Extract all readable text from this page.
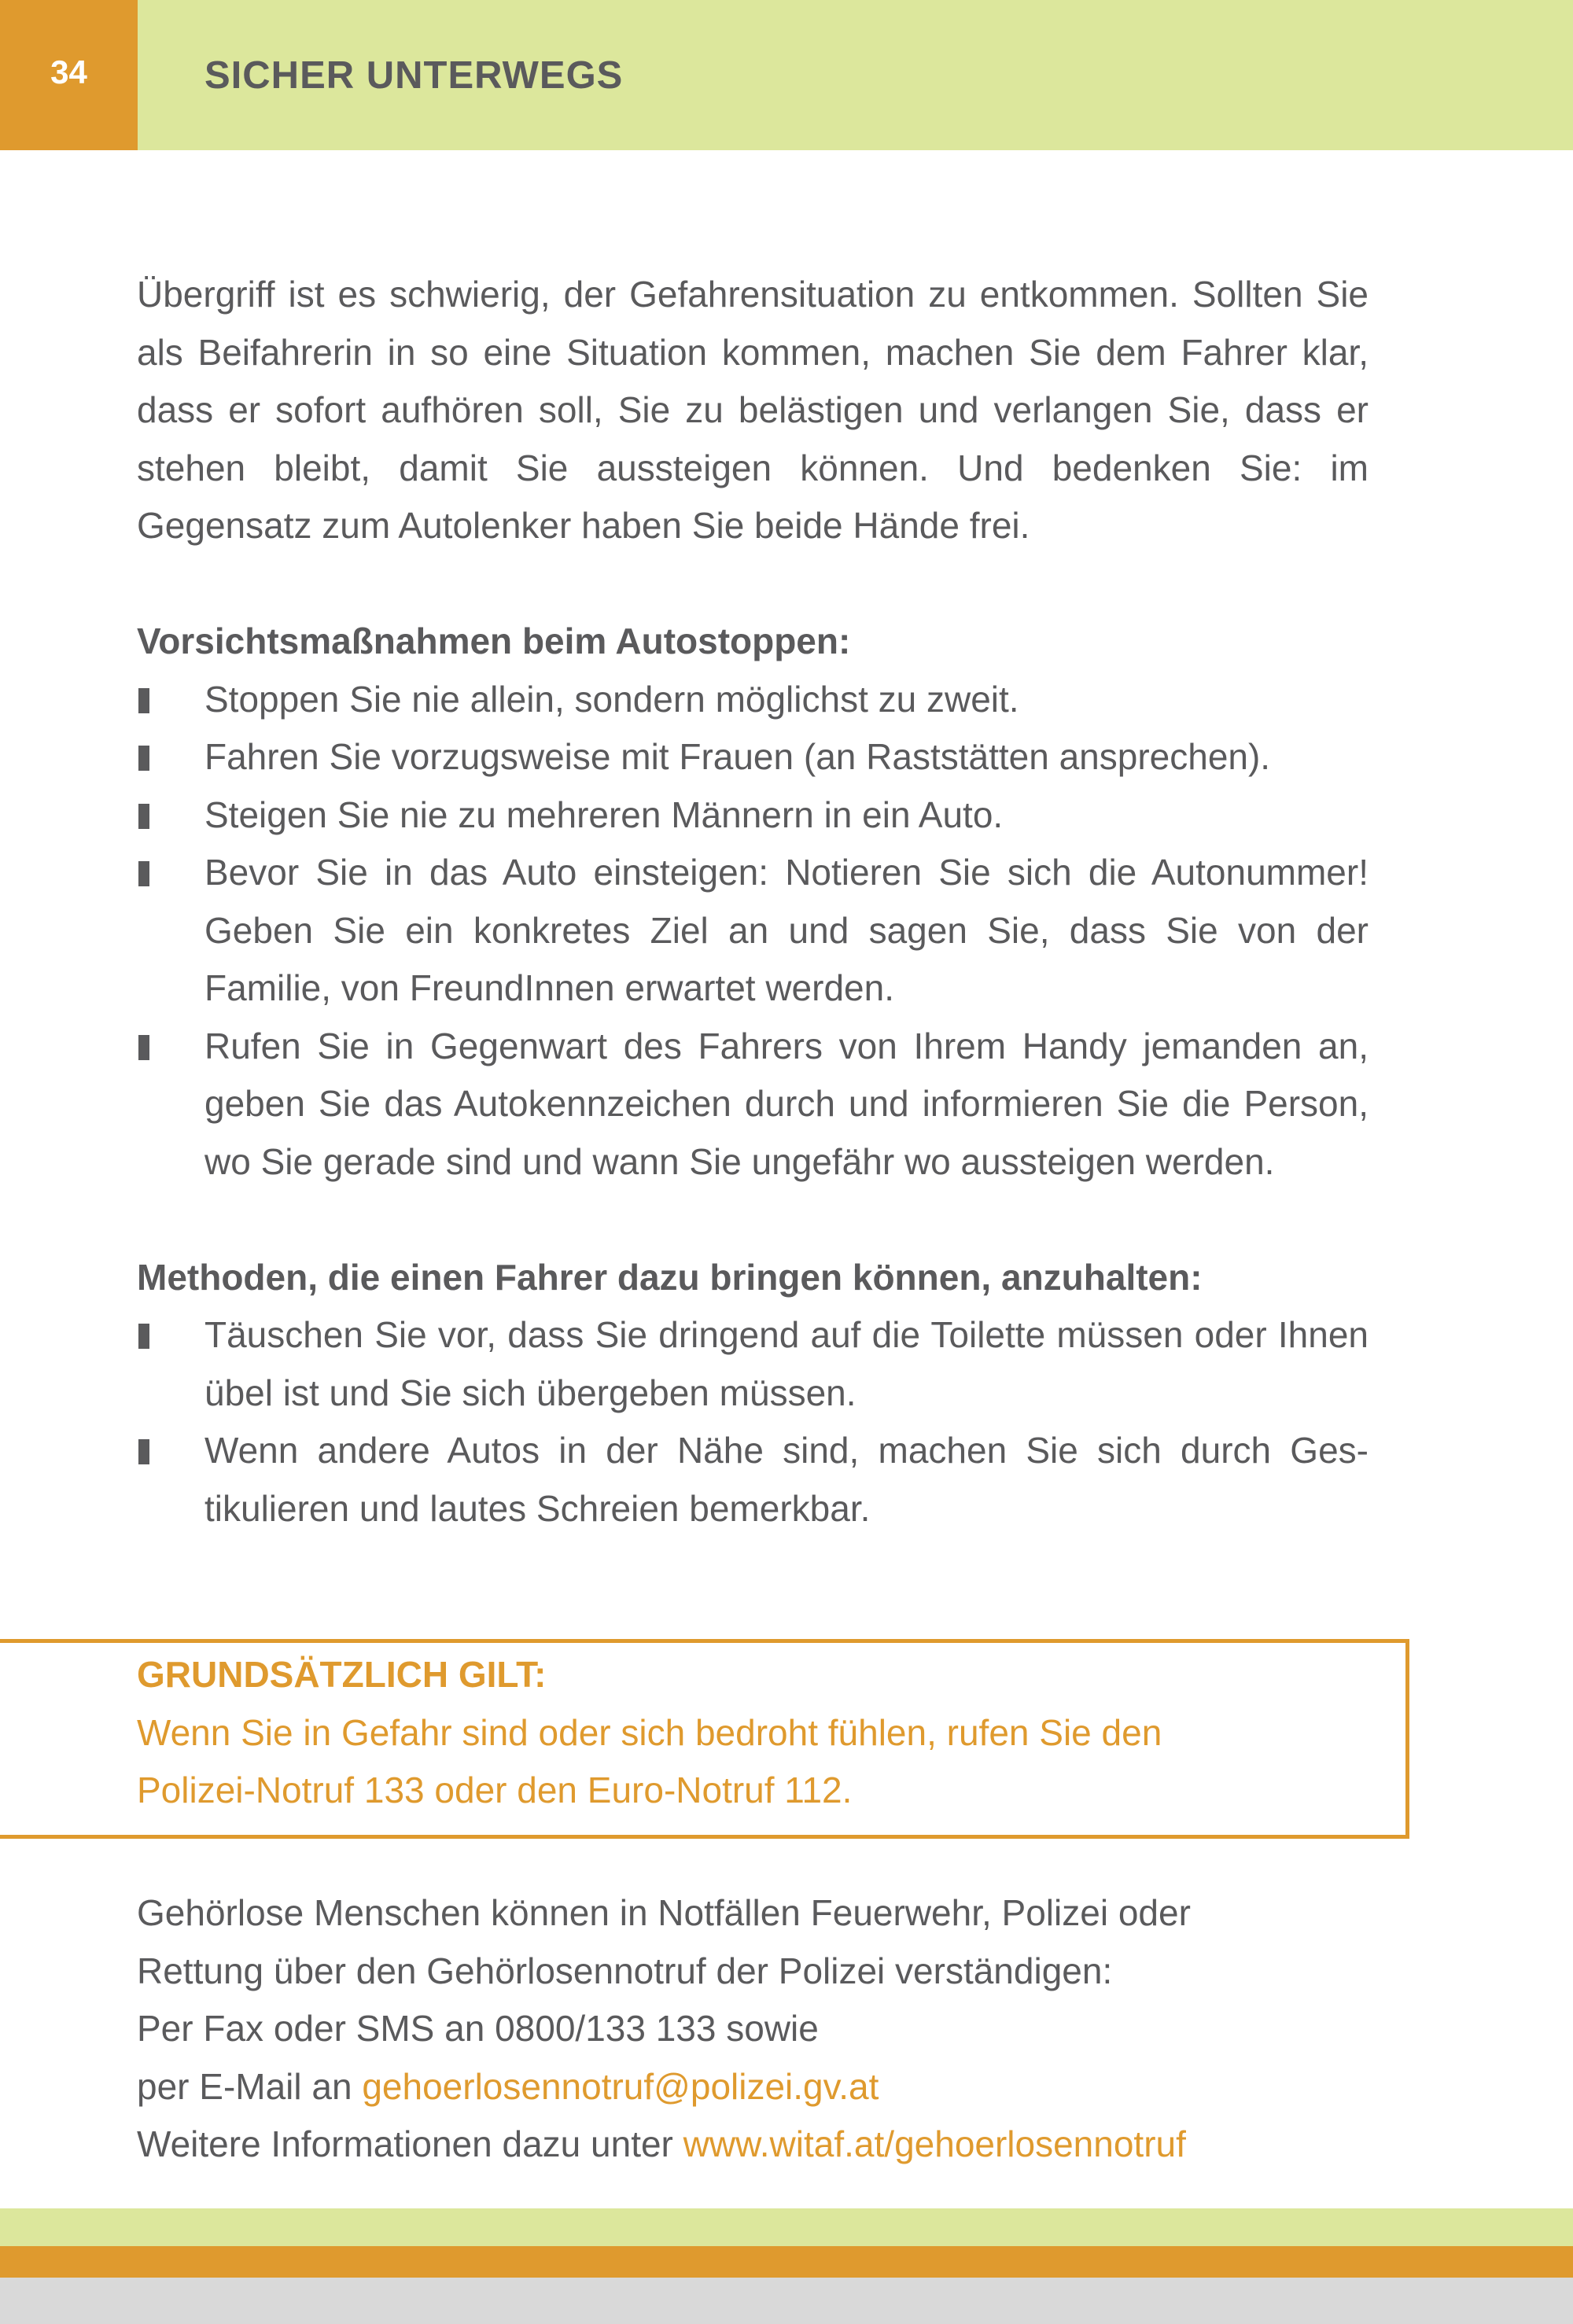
34	SICHER UNTERWEGS

Übergriff ist es schwierig, der Gefahrensituation zu entkommen. Sollten Sie als Beifahrerin in so eine Situation kommen, machen Sie dem Fahrer klar, dass er sofort aufhören soll, Sie zu belästigen und verlangen Sie, dass er stehen bleibt, damit Sie aussteigen können. Und bedenken Sie: im Gegensatz zum Autolenker haben Sie beide Hände frei.

Vorsichtsmaßnahmen beim Autostoppen:

Stoppen Sie nie allein, sondern möglichst zu zweit.
Fahren Sie vorzugsweise mit Frauen (an Raststätten ansprechen).
Steigen Sie nie zu mehreren Männern in ein Auto.
Bevor Sie in das Auto einsteigen: Notieren Sie sich die Autonummer! Geben Sie ein konkretes Ziel an und sagen Sie, dass Sie von der Familie, von FreundInnen erwartet werden.
Rufen Sie in Gegenwart des Fahrers von Ihrem Handy jemanden an, geben Sie das Autokennzeichen durch und informieren Sie die Person, wo Sie gerade sind und wann Sie ungefähr wo aussteigen werden.

Methoden, die einen Fahrer dazu bringen können, anzuhalten:

Täuschen Sie vor, dass Sie dringend auf die Toilette müssen oder Ihnen übel ist und Sie sich übergeben müssen.
Wenn andere Autos in der Nähe sind, machen Sie sich durch Gestikulieren und lautes Schreien bemerkbar.
GRUNDSÄTZLICH GILT:
Wenn Sie in Gefahr sind oder sich bedroht fühlen, rufen Sie den
Polizei-Notruf 133 oder den Euro-Notruf 112.
Gehörlose Menschen können in Notfällen Feuerwehr, Polizei oder
Rettung über den Gehörlosennotruf der Polizei verständigen:
Per Fax oder SMS an 0800/133 133 sowie
per E-Mail an gehoerlosennotruf@polizei.gv.at
Weitere Informationen dazu unter www.witaf.at/gehoerlosennotruf
